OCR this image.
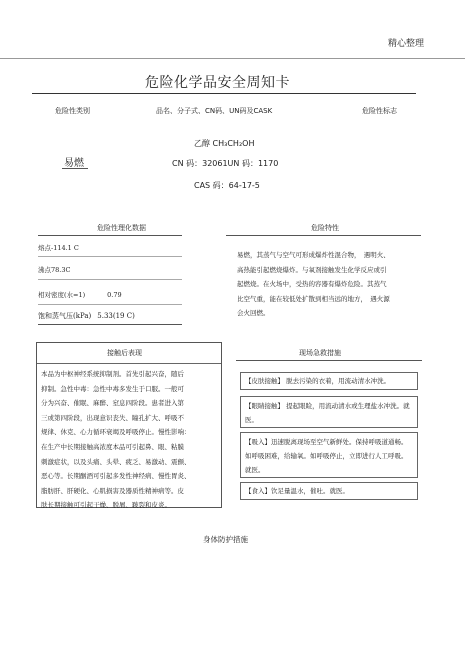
精心整理
危险化学品安全周知卡
危险性类别	品名、分子式、CN码、UN码及CASK	危险性标志
乙醇 CH₃CH₂OH
CN 码：32061UN 码：1170
CAS 码：64-17-5
易燃
危险性理化数据
熔点-114.1 C
沸点78.3C
相对密度(水=1)	0.79
饱和蒸气压(kPa) 5.33(19 C)
危险特性
易燃，其蒸气与空气可形成爆炸性混合物，　遇明火、
高热能引起燃烧爆炸。与氧剂接触发生化学反应或引
起燃烧。在火场中，受热的容器有爆炸危险。其蒸气
比空气重，能在较低处扩散到相当远的地方，　遇火源
会火回燃。
接触后表现
本品为中枢神经系统抑制剂。首先引起兴奋，随后
抑制。急性中毒：急性中毒多发生于口服。一般可
分为兴奋、催眠、麻醉、窒息四阶段。患者进入第
三或第四阶段，出现意识丧失、瞳孔扩大、呼吸不
规律、休克、心力循环衰竭及呼吸停止。慢性影响：
在生产中长期接触高浓度本品可引起鼻、眼、粘膜
刺激症状，以及头痛、头晕、疲乏、易激动、震颤、
恶心等。长期酗酒可引起多发性神经病、慢性胃炎、
脂肪肝、肝硬化、心肌损害及器质性精神病等。皮
肤长期接触可引起干燥、脱屑、皲裂和皮炎。
现场急救措施
【皮肤接触】 脱去污染的衣着，用流动清水冲洗。
【眼睛接触】 提起眼睑，用流动清水或生理盐水冲洗。就医。
【吸入】迅速脱离现场至空气新鲜处。保持呼吸道通畅。如呼吸困难，给输氧。如呼吸停止，立即进行人工呼吸。就医。
【食入】饮足量温水，催吐。就医。
身体防护措施
